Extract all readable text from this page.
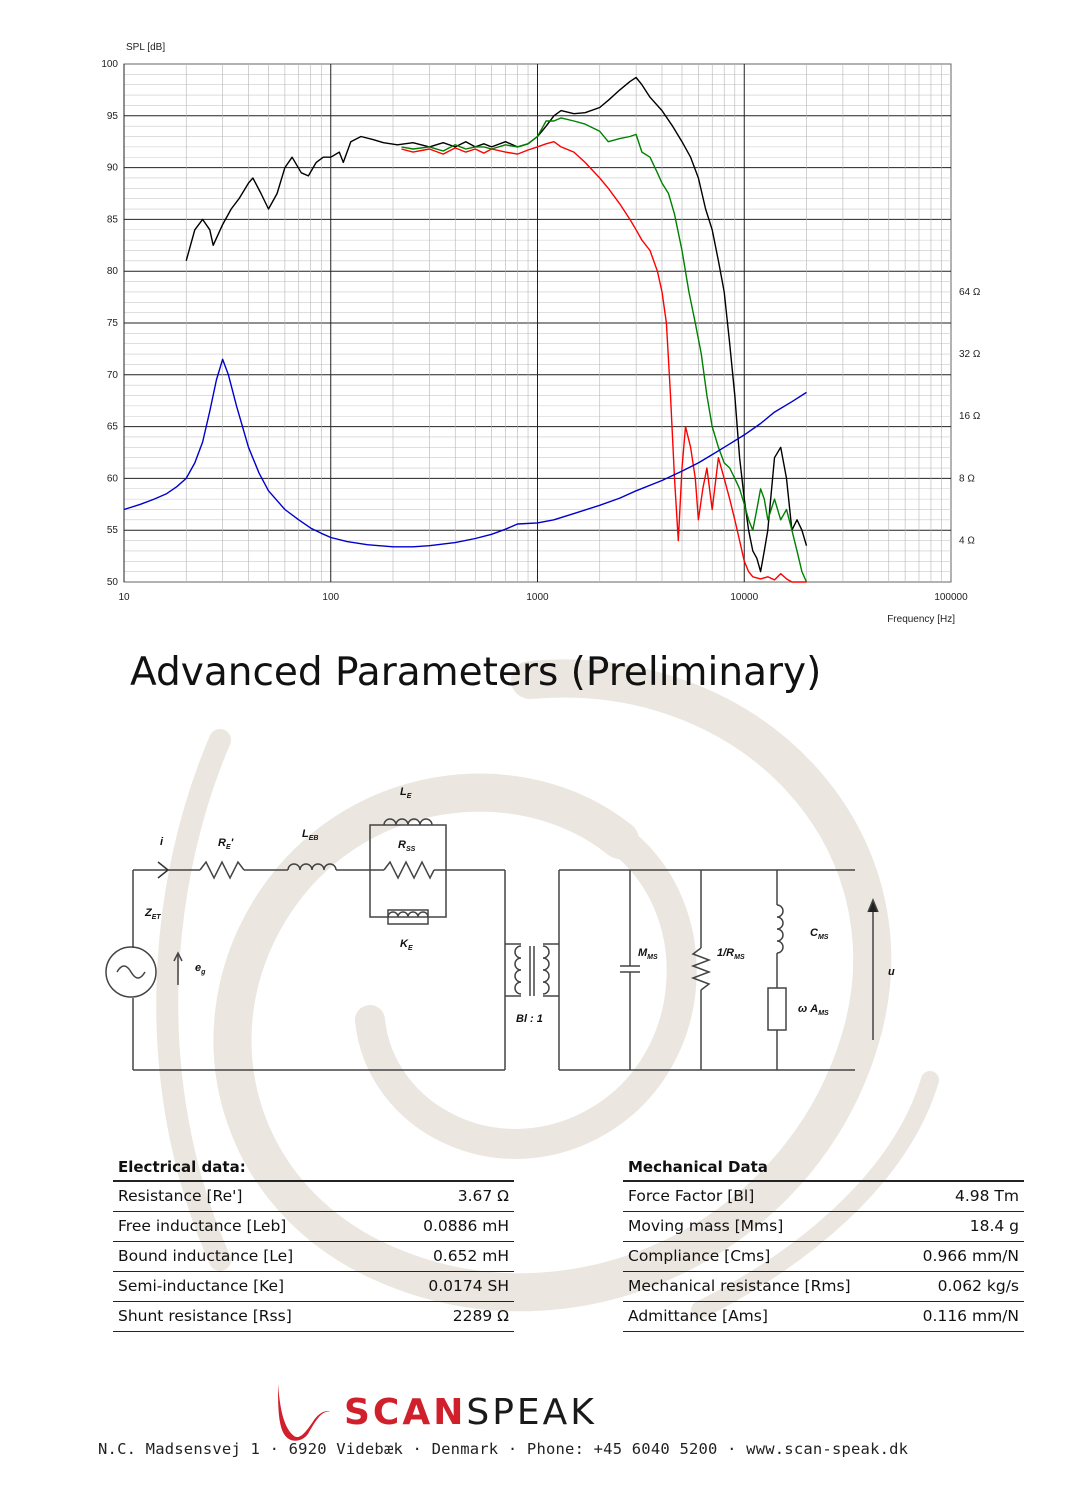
100
95
90
85
80
75
70
65
60
55
50
10	100	1000	10000	100000
64 Ω
32 Ω
16 Ω
8 Ω
4 Ω
SPL [dB]
Frequency [Hz]
Advanced Parameters (Preliminary)
i	$R_E'$
$L_{EB}$
$L_E$
$R_{SS}$
$K_E$
$Z_{ET}$
$e_g$
Bl : 1
$M_{MS}$	$1/R_{MS}$
$C_{MS}$
ω $A_{MS}$
u
Electrical data:	
Resistance [Re']	3.67 Ω
Free inductance [Leb]	0.0886 mH
Bound inductance [Le]	0.652 mH
Semi-inductance [Ke]	0.0174 SH
Shunt resistance [Rss]	2289 Ω
Mechanical Data	
Force Factor [Bl]	4.98 Tm
Moving mass [Mms]	18.4 g
Compliance [Cms]	0.966 mm/N
Mechanical resistance [Rms]	0.062 kg/s
Admittance [Ams]	0.116 mm/N
SCANSPEAK
N.C. Madsensvej 1 · 6920 Videbæk · Denmark · Phone: +45 6040 5200 · www.scan-speak.dk
